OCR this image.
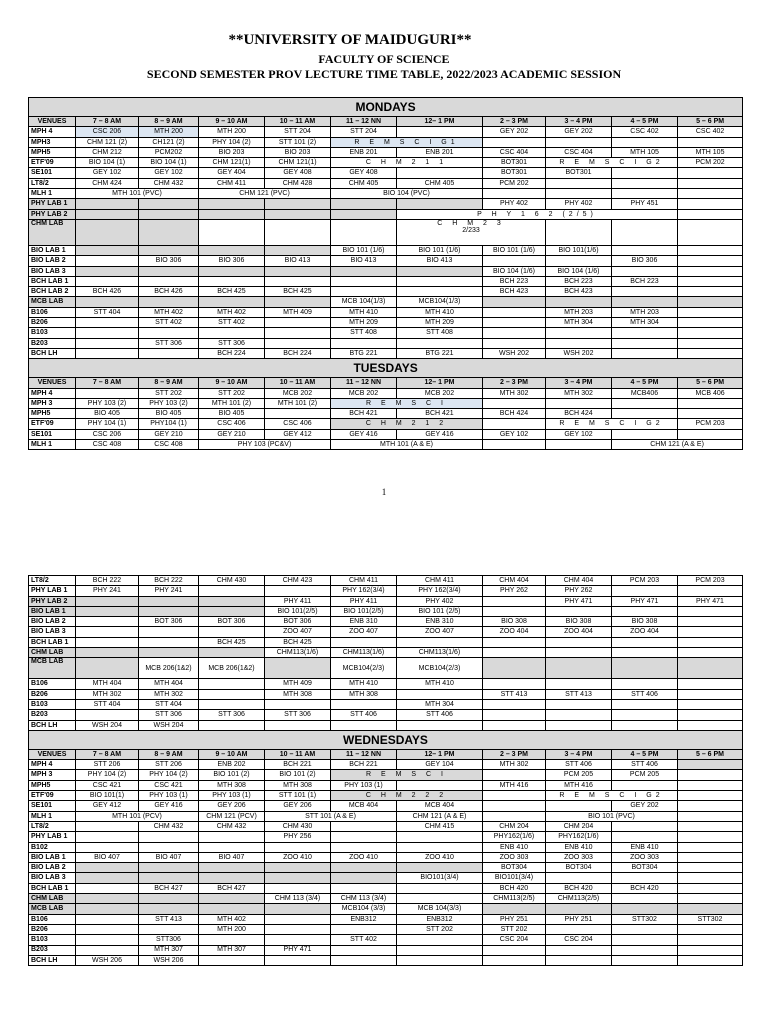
**UNIVERSITY OF MAIDUGURI**
FACULTY OF SCIENCE
SECOND SEMESTER PROV LECTURE TIME TABLE, 2022/2023 ACADEMIC SESSION
MONDAYS										
VENUES	7 – 8 AM	8 – 9 AM	9 – 10 AM	10 – 11 AM	11 – 12 NN	12– 1 PM	2 – 3 PM	3 – 4 PM	4 – 5 PM	5 – 6 PM
MPH 4	CSC 206	MTH 200	MTH 200	STT 204	STT 204		GEY 202	GEY 202	CSC 402	CSC 402
MPH3	CHM 121 (2)	CH121 (2)	PHY 104 (2)	STT 101 (2)	R E M S C I G1					
MPH5	CHM 212	PCM202	BIO 203	BIO 203	ENB 201	ENB 201	CSC 404	CSC 404	MTH 105	MTH 105
ETF'09	BIO 104 (1)	BIO 104 (1)	CHM 121(1)	CHM 121(1)	C H M 2 1 1		BOT301	R E M S C I G2		PCM 202
SE101	GEY 102	GEY 102	GEY 404	GEY 408	GEY 408		BOT301	BOT301		
LT8/2	CHM 424	CHM 432	CHM 411	CHM 428	CHM 405	CHM 405	PCM 202			
MLH 1	MTH 101 (PVC)		CHM 121 (PVC)		BIO 104 (PVC)					
PHY LAB 1							PHY 402	PHY 402	PHY 451	
PHY LAB 2						P H Y 1 6 2 (2/5)				
CHM LAB						C H M 2 3
2/233				

BIO LAB 1					BIO 101 (1/6)	BIO 101 (1/6)	BIO 101 (1/6)	BIO 101(1/6)		
BIO LAB 2		BIO 306	BIO 306	BIO 413	BIO 413	BIO 413			BIO 306	
BIO LAB 3							BIO 104 (1/6)	BIO 104 (1/6)		
BCH LAB 1							BCH 223	BCH 223	BCH 223	
BCH LAB 2	BCH 426	BCH 426	BCH 425	BCH 425			BCH 423	BCH 423		
MCB LAB					MCB 104(1/3)	MCB104(1/3)				
B106	STT 404	MTH 402	MTH 402	MTH 409	MTH 410	MTH 410		MTH 203	MTH 203	
B206		STT 402	STT 402		MTH 209	MTH 209		MTH 304	MTH 304	
B103					STT 408	STT 408				
B203		STT 306	STT 306							
BCH LH			BCH 224	BCH 224	BTG 221	BTG 221	WSH 202	WSH 202		
TUESDAYS										
VENUES	7 – 8 AM	8 – 9 AM	9 – 10 AM	10 – 11 AM	11 – 12 NN	12– 1 PM	2 – 3 PM	3 – 4 PM	4 – 5 PM	5 – 6 PM
MPH 4		STT 202	STT 202	MCB 202	MCB 202	MCB 202	MTH 302	MTH 302	MCB406	MCB 406
MPH 3	PHY 103 (2)	PHY 103 (2)	MTH 101 (2)	MTH 101 (2)	R E M S C I					
MPH5	BIO 405	BIO 405	BIO 405		BCH 421	BCH 421	BCH 424	BCH 424		
ETF'09	PHY 104 (1)	PHY104 (1)	CSC 406	CSC 406	C H M 2 1 2			R E M S C I G2		PCM 203
SE101	CSC 206	GEY 210	GEY 210	GEY 412	GEY 416	GEY 416	GEY 102	GEY 102		
MLH 1	CSC 408	CSC 408	PHY 103 (PC&V)		MTH 101 (A & E)				CHM 121 (A & E)	
1
LT8/2	BCH 222	BCH 222	CHM 430	CHM 423	CHM 411	CHM 411	CHM 404	CHM 404	PCM 203	PCM 203
PHY LAB 1	PHY 241	PHY 241			PHY 162(3/4)	PHY 162(3/4)	PHY 262	PHY 262		
PHY LAB 2				PHY 411	PHY 411	PHY 402		PHY 471	PHY 471	PHY 471
BIO LAB 1				BIO 101(2/5)	BIO 101(2/5)	BIO 101 (2/5)				
BIO LAB 2		BOT 306	BOT 306	BOT 306	ENB 310	ENB 310	BIO 308	BIO 308	BIO 308	
BIO LAB 3				ZOO 407	ZOO 407	ZOO 407	ZOO 404	ZOO 404	ZOO 404	
BCH LAB 1			BCH 425	BCH 425						
CHM LAB				CHM113(1/6)	CHM113(1/6)	CHM113(1/6)				
MCB LAB		MCB 206(1&2)	MCB 206(1&2)		MCB104(2/3)	MCB104(2/3)				
B106	MTH 404	MTH 404		MTH 409	MTH 410	MTH 410				
B206	MTH 302	MTH 302		MTH 308	MTH 308		STT 413	STT 413	STT 406	
B103	STT 404	STT 404				MTH 304				
B203		STT 306	STT 306	STT 306	STT 406	STT 406				
BCH LH	WSH 204	WSH 204								
WEDNESDAYS										
VENUES	7 – 8 AM	8 – 9 AM	9 – 10 AM	10 – 11 AM	11 – 12 NN	12– 1 PM	2 – 3 PM	3 – 4 PM	4 – 5 PM	5 – 6 PM
MPH 4	STT 206	STT 206	ENB 202	BCH 221	BCH 221	GEY 104	MTH 302	STT 406	STT 406	
MPH 3	PHY 104 (2)	PHY 104 (2)	BIO 101 (2)	BIO 101 (2)	R E M S C I			PCM 205	PCM 205	
MPH5	CSC 421	CSC 421	MTH 308	MTH 308	PHY 103 (1)		MTH 416	MTH 416		
ETF'09	BIO 101(1)	PHY 103 (1)	PHY 103 (1)	STT 101 (1)	C H M 2 2 2			R E M S C I G2		
SE101	GEY 412	GEY 416	GEY 206	GEY 206	MCB 404	MCB 404			GEY 202	
MLH 1	MTH 101 (PCV)		CHM 121 (PCV)	STT 101 (A & E)		CHM 121 (A & E)		BIO 101 (PVC)		
LT8/2		CHM 432	CHM 432	CHM 430		CHM 415	CHM 204	CHM 204		
PHY LAB 1				PHY 256			PHY162(1/6)	PHY162(1/6)		
B102							ENB 410	ENB 410	ENB 410	
BIO LAB 1	BIO 407	BIO 407	BIO 407	ZOO 410	ZOO 410	ZOO 410	ZOO 303	ZOO 303	ZOO 303	
BIO LAB 2							BOT304	BOT304	BOT304	
BIO LAB 3						BIO101(3/4)	BIO101(3/4)			
BCH LAB 1		BCH 427	BCH 427				BCH 420	BCH 420	BCH 420	
CHM LAB				CHM 113 (3/4)	CHM 113 (3/4)		CHM113(2/5)	CHM113(2/5)		
MCB LAB					MCB104 (3/3)	MCB 104(3/3)				
B106		STT 413	MTH 402		ENB312	ENB312	PHY 251	PHY 251	STT302	STT302
B206			MTH 200			STT 202	STT 202			
B103		STT306			STT 402		CSC 204	CSC 204		
B203		MTH 307	MTH 307	PHY 471						
BCH LH	WSH 206	WSH 206								
